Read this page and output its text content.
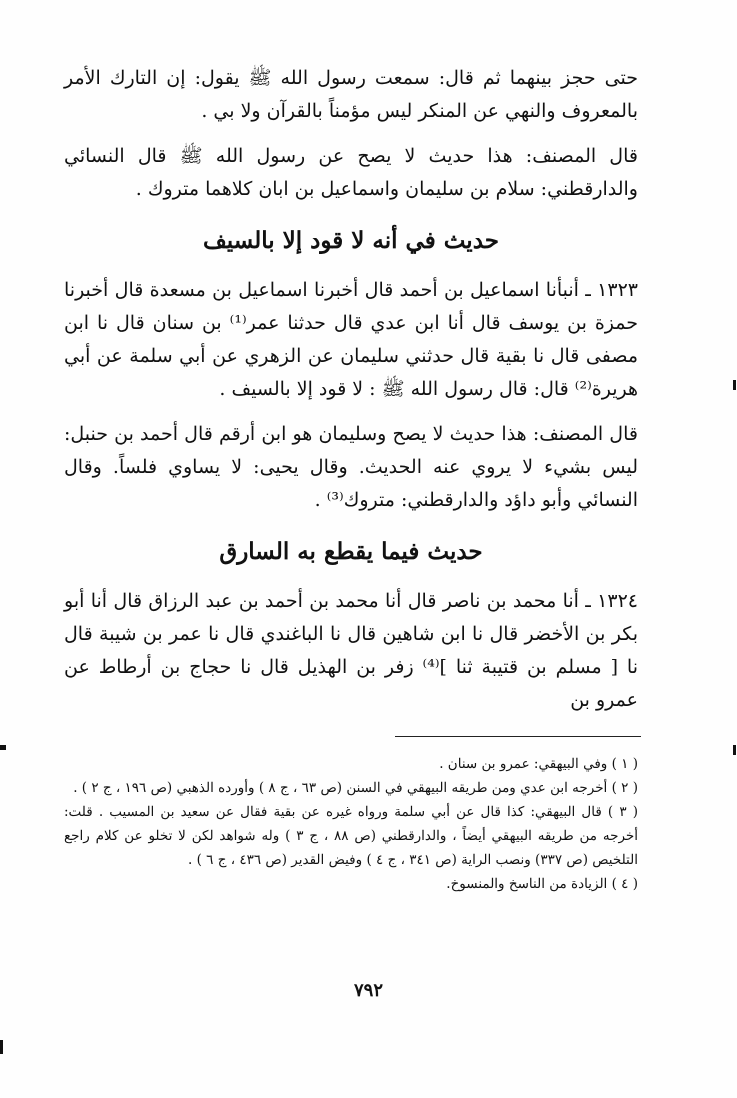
حتى حجز بينهما ثم قال: سمعت رسول الله ﷺ يقول: إن التارك الأمر بالمعروف والنهي عن المنكر ليس مؤمناً بالقرآن ولا بي .

قال المصنف: هذا حديث لا يصح عن رسول الله ﷺ قال النسائي والدارقطني: سلام بن سليمان واسماعيل بن ابان كلاهما متروك .

حديث في أنه لا قود إلا بالسيف

١٣٢٣ ـ أنبأنا اسماعيل بن أحمد قال أخبرنا اسماعيل بن مسعدة قال أخبرنا حمزة بن يوسف قال أنا ابن عدي قال حدثنا عمر⁽¹⁾ بن سنان قال نا ابن مصفى قال نا بقية قال حدثني سليمان عن الزهري عن أبي سلمة عن أبي هريرة⁽²⁾ قال: قال رسول الله ﷺ : لا قود إلا بالسيف .

قال المصنف: هذا حديث لا يصح وسليمان هو ابن أرقم قال أحمد بن حنبل: ليس بشيء لا يروي عنه الحديث. وقال يحيى: لا يساوي فلساً. وقال النسائي وأبو داؤد والدارقطني: متروك⁽³⁾ .

حديث فيما يقطع به السارق

١٣٢٤ ـ أنا محمد بن ناصر قال أنا محمد بن أحمد بن عبد الرزاق قال أنا أبو بكر بن الأخضر قال نا ابن شاهين قال نا الباغندي قال نا عمر بن شيبة قال نا [ مسلم بن قتيبة ثنا ]⁽⁴⁾ زفر بن الهذيل قال نا حجاج بن أرطاط عن عمرو بن

( ١ ) وفي البيهقي: عمرو بن سنان .

( ٢ ) أخرجه ابن عدي ومن طريقه البيهقي في السنن (ص ٦٣ ، ج ٨ ) وأورده الذهبي (ص ١٩٦ ، ج ٢ ) .

( ٣ ) قال البيهقي: كذا قال عن أبي سلمة ورواه غيره عن بقية فقال عن سعيد بن المسيب . قلت: أخرجه من طريقه البيهقي أيضاً ، والدارقطني (ص ٨٨ ، ج ٣ ) وله شواهد لكن لا تخلو عن كلام راجع التلخيص (ص ٣٣٧) ونصب الراية (ص ٣٤١ ، ج ٤ ) وفيض القدير (ص ٤٣٦ ، ج ٦ ) .

( ٤ ) الزيادة من الناسخ والمنسوخ.

٧٩٢
